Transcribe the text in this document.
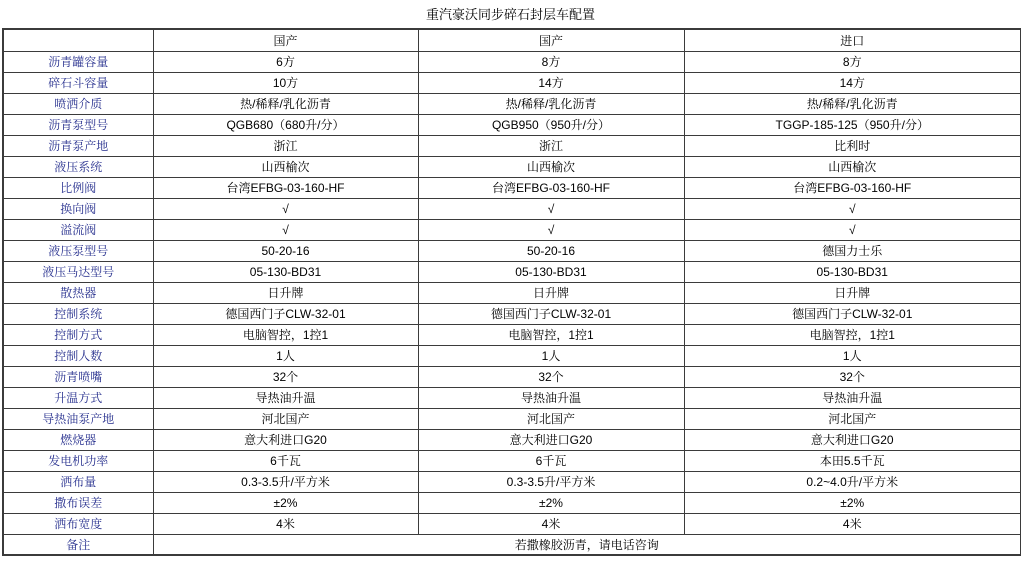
重汽豪沃同步碎石封层车配置
	国产	国产	进口
沥青罐容量	6方	8方	8方
碎石斗容量	10方	14方	14方
喷洒介质	热/稀释/乳化沥青	热/稀释/乳化沥青	热/稀释/乳化沥青
沥青泵型号	QGB680（680升/分）	QGB950（950升/分）	TGGP-185-125（950升/分）
沥青泵产地	浙江	浙江	比利时
液压系统	山西榆次	山西榆次	山西榆次
比例阀	台湾EFBG-03-160-HF	台湾EFBG-03-160-HF	台湾EFBG-03-160-HF
换向阀	√	√	√
溢流阀	√	√	√
液压泵型号	50-20-16	50-20-16	德国力士乐
液压马达型号	05-130-BD31	05-130-BD31	05-130-BD31
散热器	日升牌	日升牌	日升牌
控制系统	德国西门子CLW-32-01	德国西门子CLW-32-01	德国西门子CLW-32-01
控制方式	电脑智控，1控1	电脑智控，1控1	电脑智控，1控1
控制人数	1人	1人	1人
沥青喷嘴	32个	32个	32个
升温方式	导热油升温	导热油升温	导热油升温
导热油泵产地	河北国产	河北国产	河北国产
燃烧器	意大利进口G20	意大利进口G20	意大利进口G20
发电机功率	6千瓦	6千瓦	本田5.5千瓦
洒布量	0.3-3.5升/平方米	0.3-3.5升/平方米	0.2~4.0升/平方米
撒布误差	±2%	±2%	±2%
洒布宽度	4米	4米	4米
备注	若撒橡胶沥青，请电话咨询		
